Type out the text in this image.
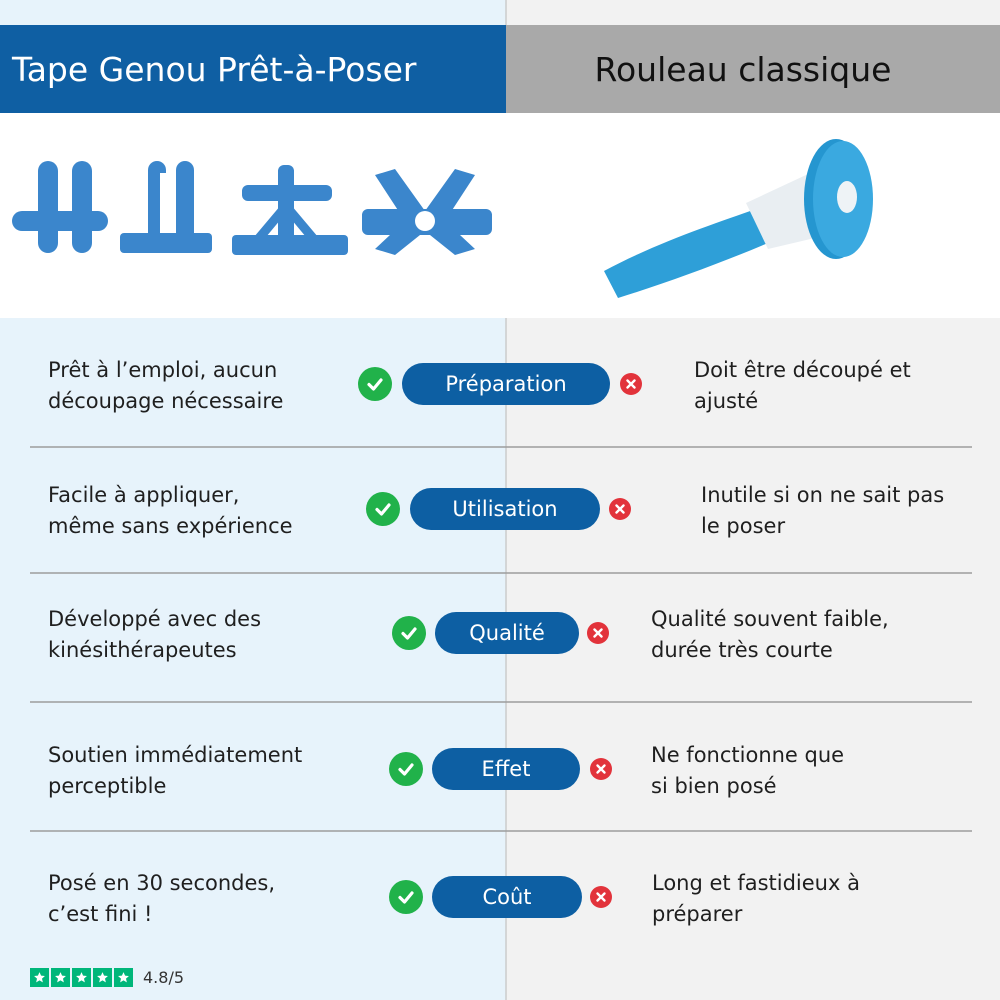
Tape Genou Prêt-à-Poser	Rouleau classique
Prêt à l’emploi, aucun
découpage nécessaire
Préparation
Doit être découpé et
ajusté
Facile à appliquer,
même sans expérience
Utilisation
Inutile si on ne sait pas
le poser
Développé avec des
kinésithérapeutes
Qualité
Qualité souvent faible,
durée très courte
Soutien immédiatement
perceptible
Effet
Ne fonctionne que
si bien posé
Posé en 30 secondes,
c’est fini !
Coût
Long et fastidieux à
préparer
4.8/5
